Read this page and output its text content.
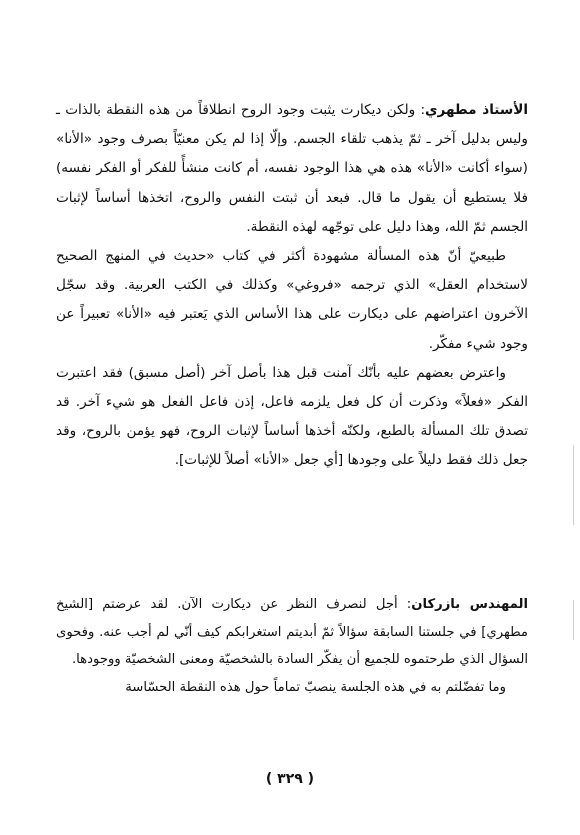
الأستاذ مطهري: ولكن ديكارت يثبت وجود الروح انطلاقاً من هذه النقطة بالذات ـ وليس بدليل آخر ـ ثمّ يذهب تلقاء الجسم. وإلّا إذا لم يكن معنيّاً بصرف وجود «الأنا» (سواء أكانت «الأنا» هذه هي هذا الوجود نفسه، أم كانت منشأً للفكر أو الفكر نفسه) فلا يستطيع أن يقول ما قال. فبعد أن ثبتت النفس والروح، اتخذها أساساً لإثبات الجسم ثمّ الله، وهذا دليل على توجّهه لهذه النقطة.

طبيعيّ أنّ هذه المسألة مشهودة أكثر في كتاب «حديث في المنهج الصحيح لاستخدام العقل» الذي ترجمه «فروغي» وكذلك في الكتب العربية. وقد سجّل الآخرون اعتراضهم على ديكارت على هذا الأساس الذي يَعتبر فيه «الأنا» تعبيراً عن وجود شيء مفكّر.

واعترض بعضهم عليه بأنّك آمنت قبل هذا بأصل آخر (أصل مسبق) فقد اعتبرت الفكر «فعلاً» وذكرت أن كل فعل يلزمه فاعل، إذن فاعل الفعل هو شيء آخر. قد تصدق تلك المسألة بالطبع، ولكنّه أخذها أساساً لإثبات الروح، فهو يؤمن بالروح، وقد جعل ذلك فقط دليلاً على وجودها [أي جعل «الأنا» أصلاً للإثبات].

المهندس بازركان: أجل لنصرف النظر عن ديكارت الآن. لقد عرضتم [الشيخ مطهري] في جلستنا السابقة سؤالاً ثمّ أبديتم استغرابكم كيف أنّي لم أجب عنه. وفحوى السؤال الذي طرحتموه للجميع أن يفكّر السادة بالشخصيّة ومعنى الشخصيّة ووجودها.

وما تفضّلتم به في هذه الجلسة ينصبّ تماماً حول هذه النقطة الحسّاسة

( ٣٢٩ )
